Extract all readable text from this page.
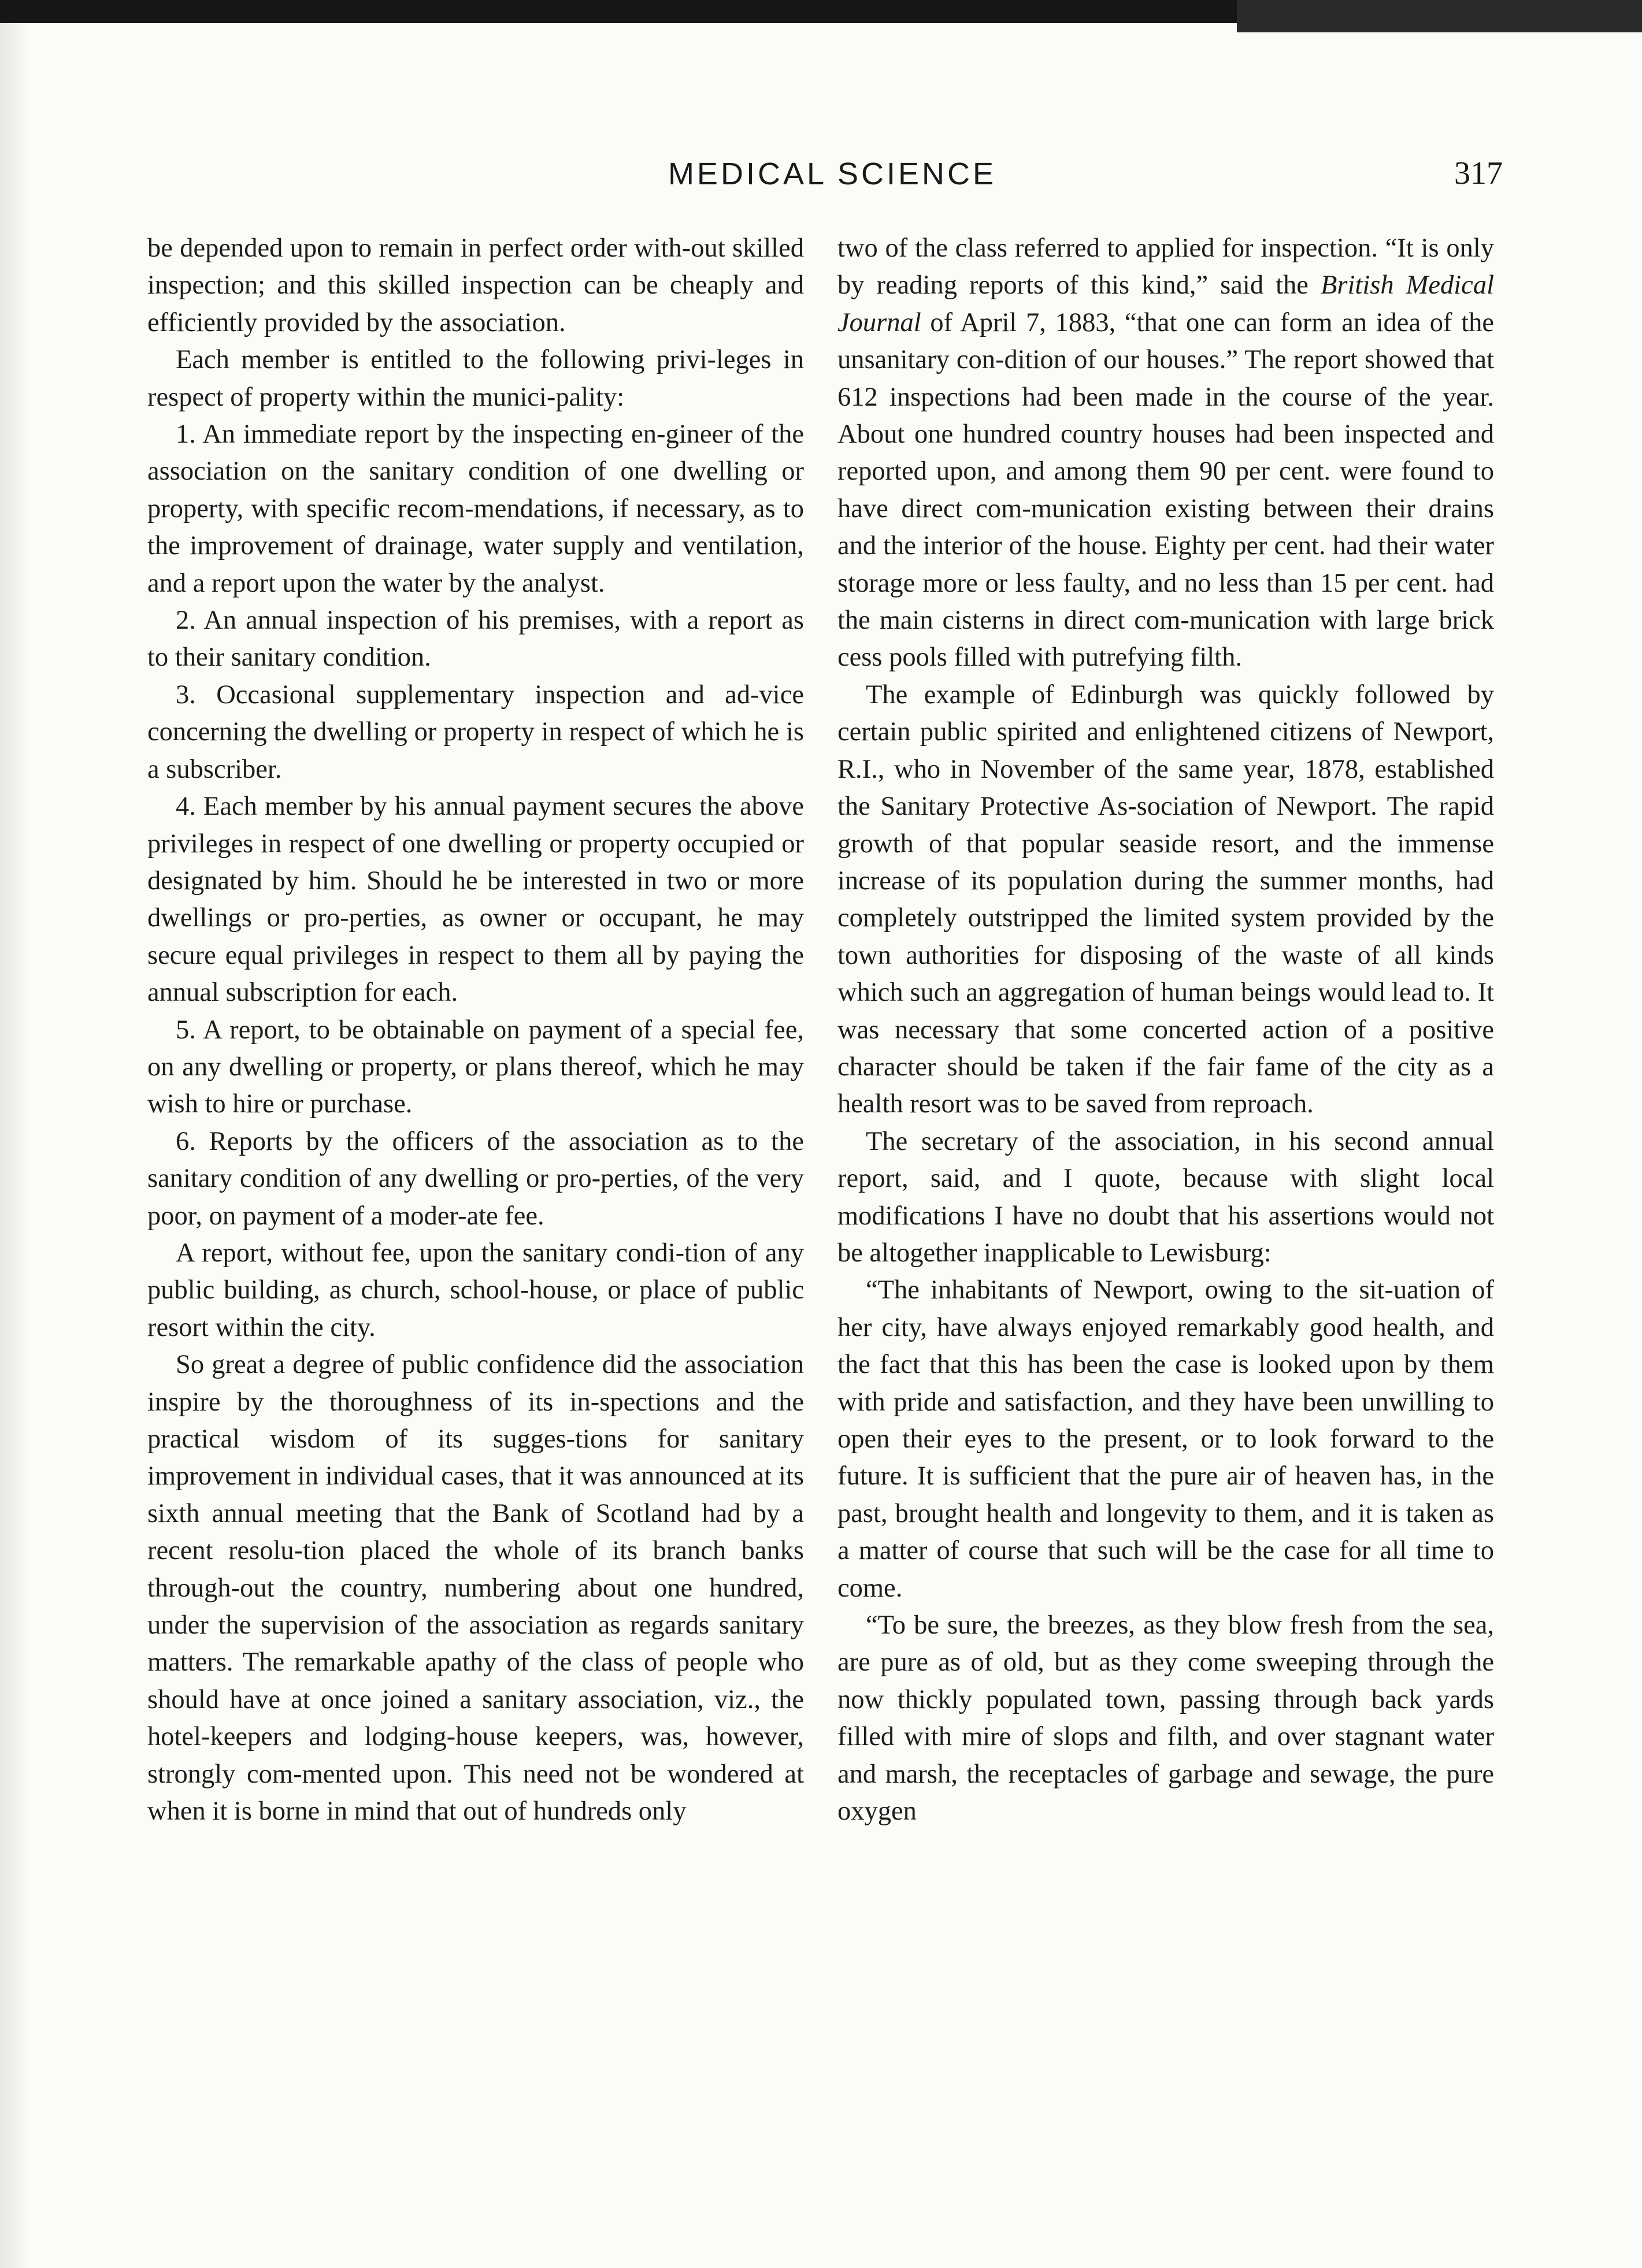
MEDICAL SCIENCE	317

be depended upon to remain in perfect order with-out skilled inspection; and this skilled inspection can be cheaply and efficiently provided by the association.

Each member is entitled to the following privi-leges in respect of property within the munici-pality:

1. An immediate report by the inspecting en-gineer of the association on the sanitary condition of one dwelling or property, with specific recom-mendations, if necessary, as to the improvement of drainage, water supply and ventilation, and a report upon the water by the analyst.

2. An annual inspection of his premises, with a report as to their sanitary condition.

3. Occasional supplementary inspection and ad-vice concerning the dwelling or property in respect of which he is a subscriber.

4. Each member by his annual payment secures the above privileges in respect of one dwelling or property occupied or designated by him. Should he be interested in two or more dwellings or pro-perties, as owner or occupant, he may secure equal privileges in respect to them all by paying the annual subscription for each.

5. A report, to be obtainable on payment of a special fee, on any dwelling or property, or plans thereof, which he may wish to hire or purchase.

6. Reports by the officers of the association as to the sanitary condition of any dwelling or pro-perties, of the very poor, on payment of a moder-ate fee.

A report, without fee, upon the sanitary condi-tion of any public building, as church, school-house, or place of public resort within the city.

So great a degree of public confidence did the association inspire by the thoroughness of its in-spections and the practical wisdom of its sugges-tions for sanitary improvement in individual cases, that it was announced at its sixth annual meeting that the Bank of Scotland had by a recent resolu-tion placed the whole of its branch banks through-out the country, numbering about one hundred, under the supervision of the association as regards sanitary matters. The remarkable apathy of the class of people who should have at once joined a sanitary association, viz., the hotel-keepers and lodging-house keepers, was, however, strongly com-mented upon. This need not be wondered at when it is borne in mind that out of hundreds only

two of the class referred to applied for inspection. “It is only by reading reports of this kind,” said the British Medical Journal of April 7, 1883, “that one can form an idea of the unsanitary con-dition of our houses.” The report showed that 612 inspections had been made in the course of the year. About one hundred country houses had been inspected and reported upon, and among them 90 per cent. were found to have direct com-munication existing between their drains and the interior of the house. Eighty per cent. had their water storage more or less faulty, and no less than 15 per cent. had the main cisterns in direct com-munication with large brick cess pools filled with putrefying filth.

The example of Edinburgh was quickly followed by certain public spirited and enlightened citizens of Newport, R.I., who in November of the same year, 1878, established the Sanitary Protective As-sociation of Newport. The rapid growth of that popular seaside resort, and the immense increase of its population during the summer months, had completely outstripped the limited system provided by the town authorities for disposing of the waste of all kinds which such an aggregation of human beings would lead to. It was necessary that some concerted action of a positive character should be taken if the fair fame of the city as a health resort was to be saved from reproach.

The secretary of the association, in his second annual report, said, and I quote, because with slight local modifications I have no doubt that his assertions would not be altogether inapplicable to Lewisburg:

“The inhabitants of Newport, owing to the sit-uation of her city, have always enjoyed remarkably good health, and the fact that this has been the case is looked upon by them with pride and satisfaction, and they have been unwilling to open their eyes to the present, or to look forward to the future. It is sufficient that the pure air of heaven has, in the past, brought health and longevity to them, and it is taken as a matter of course that such will be the case for all time to come.

“To be sure, the breezes, as they blow fresh from the sea, are pure as of old, but as they come sweeping through the now thickly populated town, passing through back yards filled with mire of slops and filth, and over stagnant water and marsh, the receptacles of garbage and sewage, the pure oxygen
